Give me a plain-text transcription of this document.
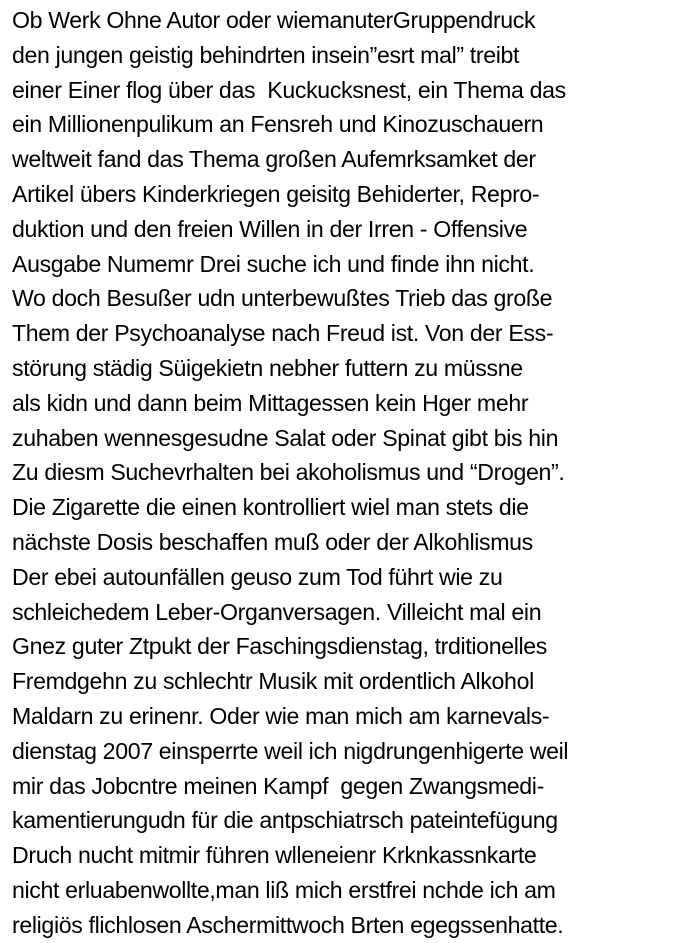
Ob Werk Ohne Autor oder wiemanuterGruppendruck
den jungen geistig behindrten insein”esrt mal” treibt
einer Einer flog über das  Kuckucksnest, ein Thema das
ein Millionenpulikum an Fensreh und Kinozuschauern
weltweit fand das Thema großen Aufemrksamket der
Artikel übers Kinderkriegen geisitg Behiderter, Repro-
duktion und den freien Willen in der Irren - Offensive
Ausgabe Numemr Drei suche ich und finde ihn nicht.
Wo doch Besußer udn unterbewußtes Trieb das große
Them der Psychoanalyse nach Freud ist. Von der Ess-
störung städig Süigekietn nebher futtern zu müssne
als kidn und dann beim Mittagessen kein Hger mehr
zuhaben wennesgesudne Salat oder Spinat gibt bis hin
Zu diesm Suchevrhalten bei akoholismus und “Drogen”.
Die Zigarette die einen kontrolliert wiel man stets die
nächste Dosis beschaffen muß oder der Alkohlismus
Der ebei autounfällen geuso zum Tod führt wie zu
schleichedem Leber-Organversagen. Villeicht mal ein
Gnez guter Ztpukt der Faschingsdienstag, trditionelles
Fremdgehn zu schlechtr Musik mit ordentlich Alkohol
Maldarn zu erinenr. Oder wie man mich am karnevals-
dienstag 2007 einsperrte weil ich nigdrungenhigerte weil
mir das Jobcntre meinen Kampf  gegen Zwangsmedi-
kamentierungudn für die antpschiatrsch pateintefügung
Druch nucht mitmir führen wlleneienr Krknkassnkarte
nicht erluabenwollte,man liß mich erstfrei nchde ich am
religiös flichlosen Aschermittwoch Brten egegssenhatte.
